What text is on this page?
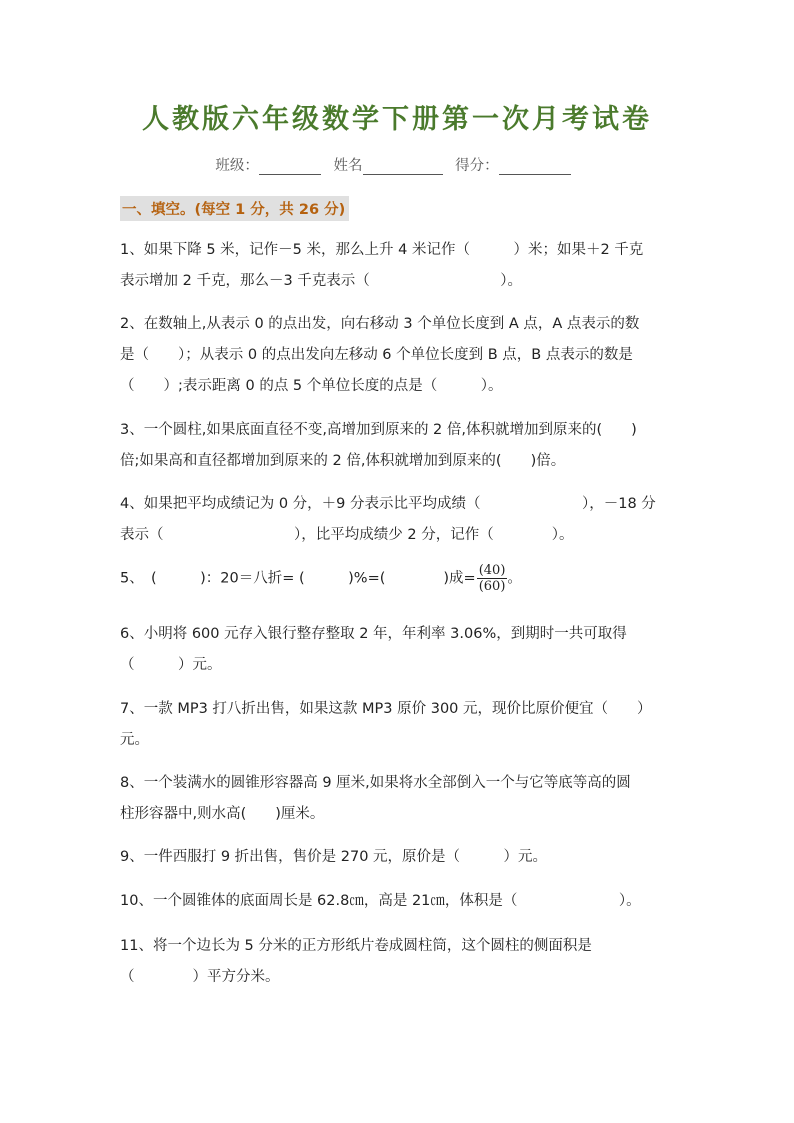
人教版六年级数学下册第一次月考试卷
班级：	姓名	得分：
一、填空。(每空 1 分，共 26 分)
1、如果下降 5 米，记作－5 米，那么上升 4 米记作（　　　）米；如果＋2 千克
表示增加 2 千克，那么－3 千克表示（　　　　　　　　　）。
2、在数轴上,从表示 0 的点出发，向右移动 3 个单位长度到 A 点，A 点表示的数
是（　　）；从表示 0 的点出发向左移动 6 个单位长度到 B 点，B 点表示的数是
（　　）;表示距离 0 的点 5 个单位长度的点是（　　　）。
3、一个圆柱,如果底面直径不变,高增加到原来的 2 倍,体积就增加到原来的(　　)
倍;如果高和直径都增加到原来的 2 倍,体积就增加到原来的(　　)倍。
4、如果把平均成绩记为 0 分，＋9 分表示比平均成绩（　　　　　　　），－18 分
表示（　　　　　　　　　），比平均成绩少 2 分，记作（　　　　）。
5、　(　　　)：20＝八折= (　　　)%=(　　　　)成= $\frac{(40)}{(60)}$ 。
6、小明将 600 元存入银行整存整取 2 年，年利率 3.06%，到期时一共可取得
（　　　）元。
7、一款 MP3 打八折出售，如果这款 MP3 原价 300 元，现价比原价便宜（　　）
元。
8、一个装满水的圆锥形容器高 9 厘米,如果将水全部倒入一个与它等底等高的圆
柱形容器中,则水高(　　)厘米。
9、一件西服打 9 折出售，售价是 270 元，原价是（　　　）元。
10、一个圆锥体的底面周长是 62.8㎝，高是 21㎝，体积是（　　　　　　　）。
11、将一个边长为 5 分米的正方形纸片卷成圆柱筒，这个圆柱的侧面积是
（　　　　）平方分米。
